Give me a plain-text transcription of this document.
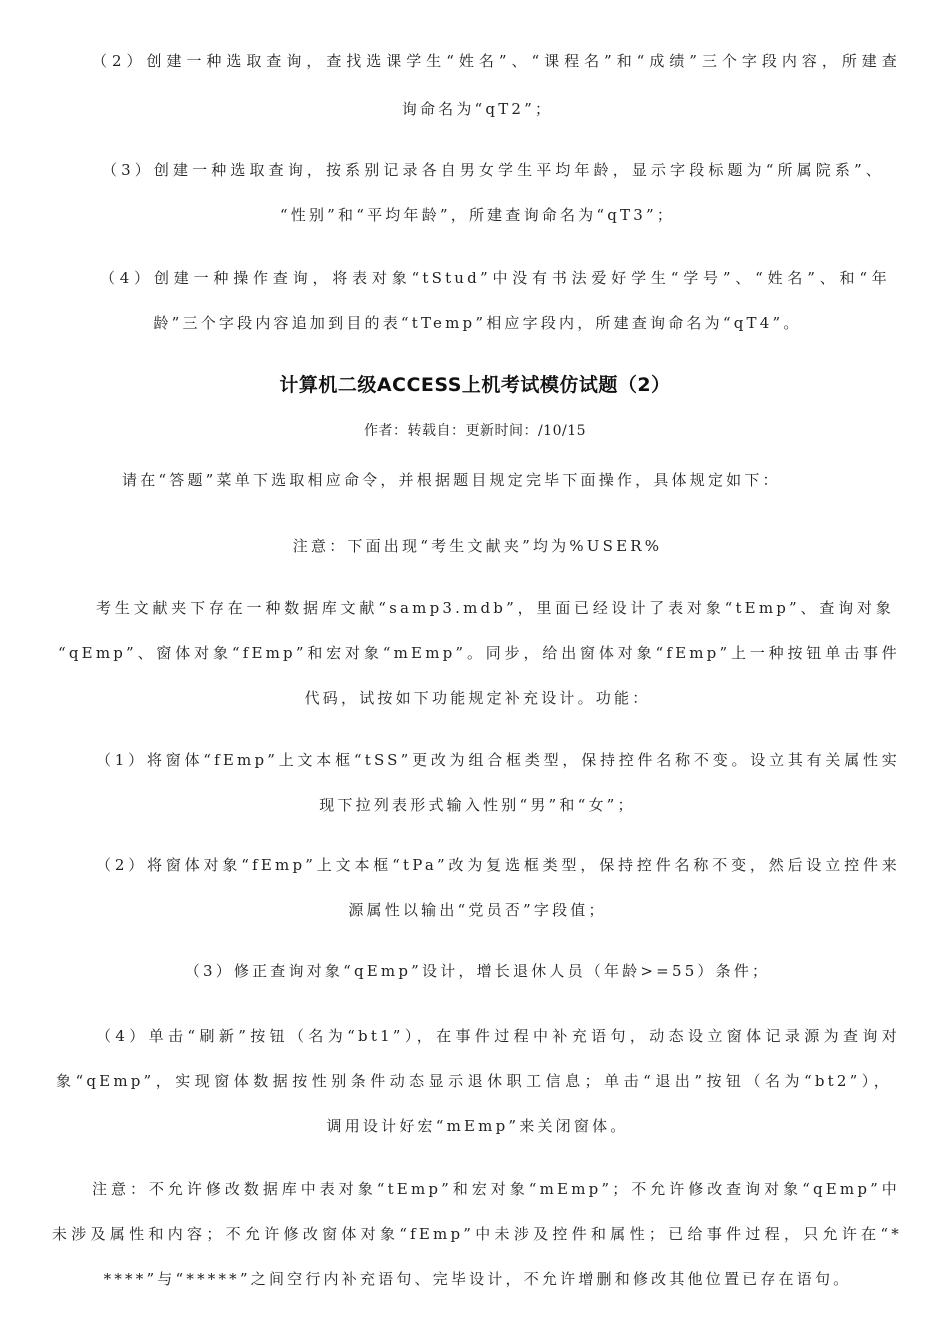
（2）创建一种选取查询，查找选课学生“姓名”、“课程名”和“成绩”三个字段内容，所建查
询命名为“qT2”；
（3）创建一种选取查询，按系别记录各自男女学生平均年龄，显示字段标题为“所属院系”、
“性别”和“平均年龄”，所建查询命名为“qT3”；
（4）创建一种操作查询，将表对象“tStud”中没有书法爱好学生“学号”、“姓名”、和“年
龄”三个字段内容追加到目的表“tTemp”相应字段内，所建查询命名为“qT4”。
计算机二级ACCESS上机考试模仿试题（2）
作者：转载自：更新时间：/10/15
请在“答题”菜单下选取相应命令，并根据题目规定完毕下面操作，具体规定如下：
注意：下面出现“考生文献夹”均为%USER%
考生文献夹下存在一种数据库文献“samp3.mdb”，里面已经设计了表对象“tEmp”、查询对象
“qEmp”、窗体对象“fEmp”和宏对象“mEmp”。同步，给出窗体对象“fEmp”上一种按钮单击事件
代码，试按如下功能规定补充设计。功能：
（1）将窗体“fEmp”上文本框“tSS”更改为组合框类型，保持控件名称不变。设立其有关属性实
现下拉列表形式输入性别“男”和“女”；
（2）将窗体对象“fEmp”上文本框“tPa”改为复选框类型，保持控件名称不变，然后设立控件来
源属性以输出“党员否”字段值；
（3）修正查询对象“qEmp”设计，增长退休人员（年龄>=55）条件；
（4）单击“刷新”按钮（名为“bt1”），在事件过程中补充语句，动态设立窗体记录源为查询对
象“qEmp”，实现窗体数据按性别条件动态显示退休职工信息；单击“退出”按钮（名为“bt2”），
调用设计好宏“mEmp”来关闭窗体。
注意：不允许修改数据库中表对象“tEmp”和宏对象“mEmp”；不允许修改查询对象“qEmp”中
未涉及属性和内容；不允许修改窗体对象“fEmp”中未涉及控件和属性；已给事件过程，只允许在“*
****”与“*****”之间空行内补充语句、完毕设计，不允许增删和修改其他位置已存在语句。
